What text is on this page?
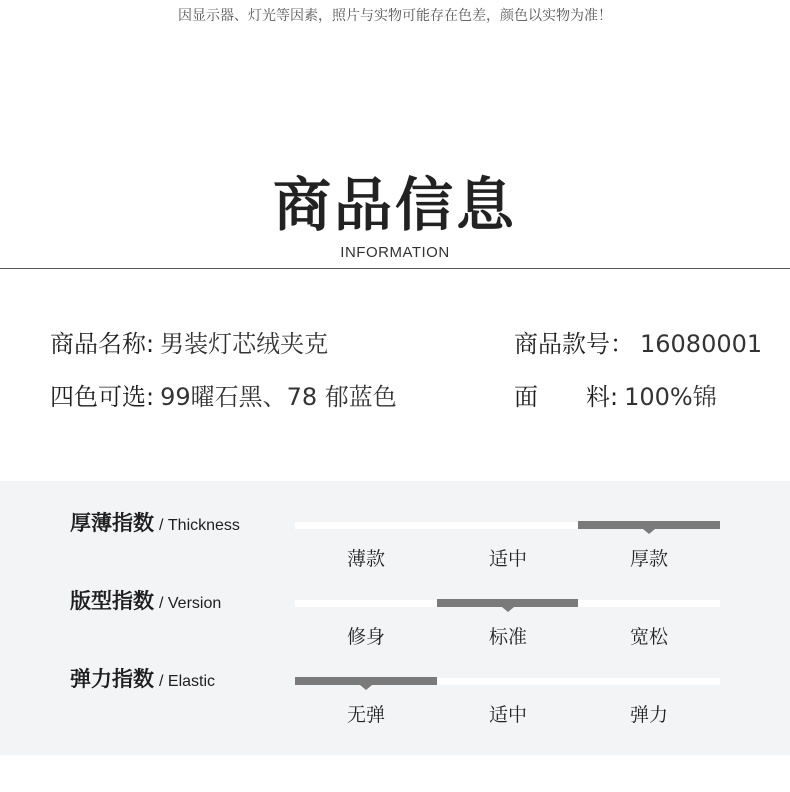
因显示器、灯光等因素，照片与实物可能存在色差，颜色以实物为准！
商品信息
INFORMATION
商品名称: 男装灯芯绒夹克	商品款号： 16080001
四色可选: 99曜石黑、78 郁蓝色	面料: 100%锦
厚薄指数 / Thickness
薄款	适中	厚款
版型指数 / Version
修身	标准	宽松
弹力指数 / Elastic
无弹	适中	弹力
